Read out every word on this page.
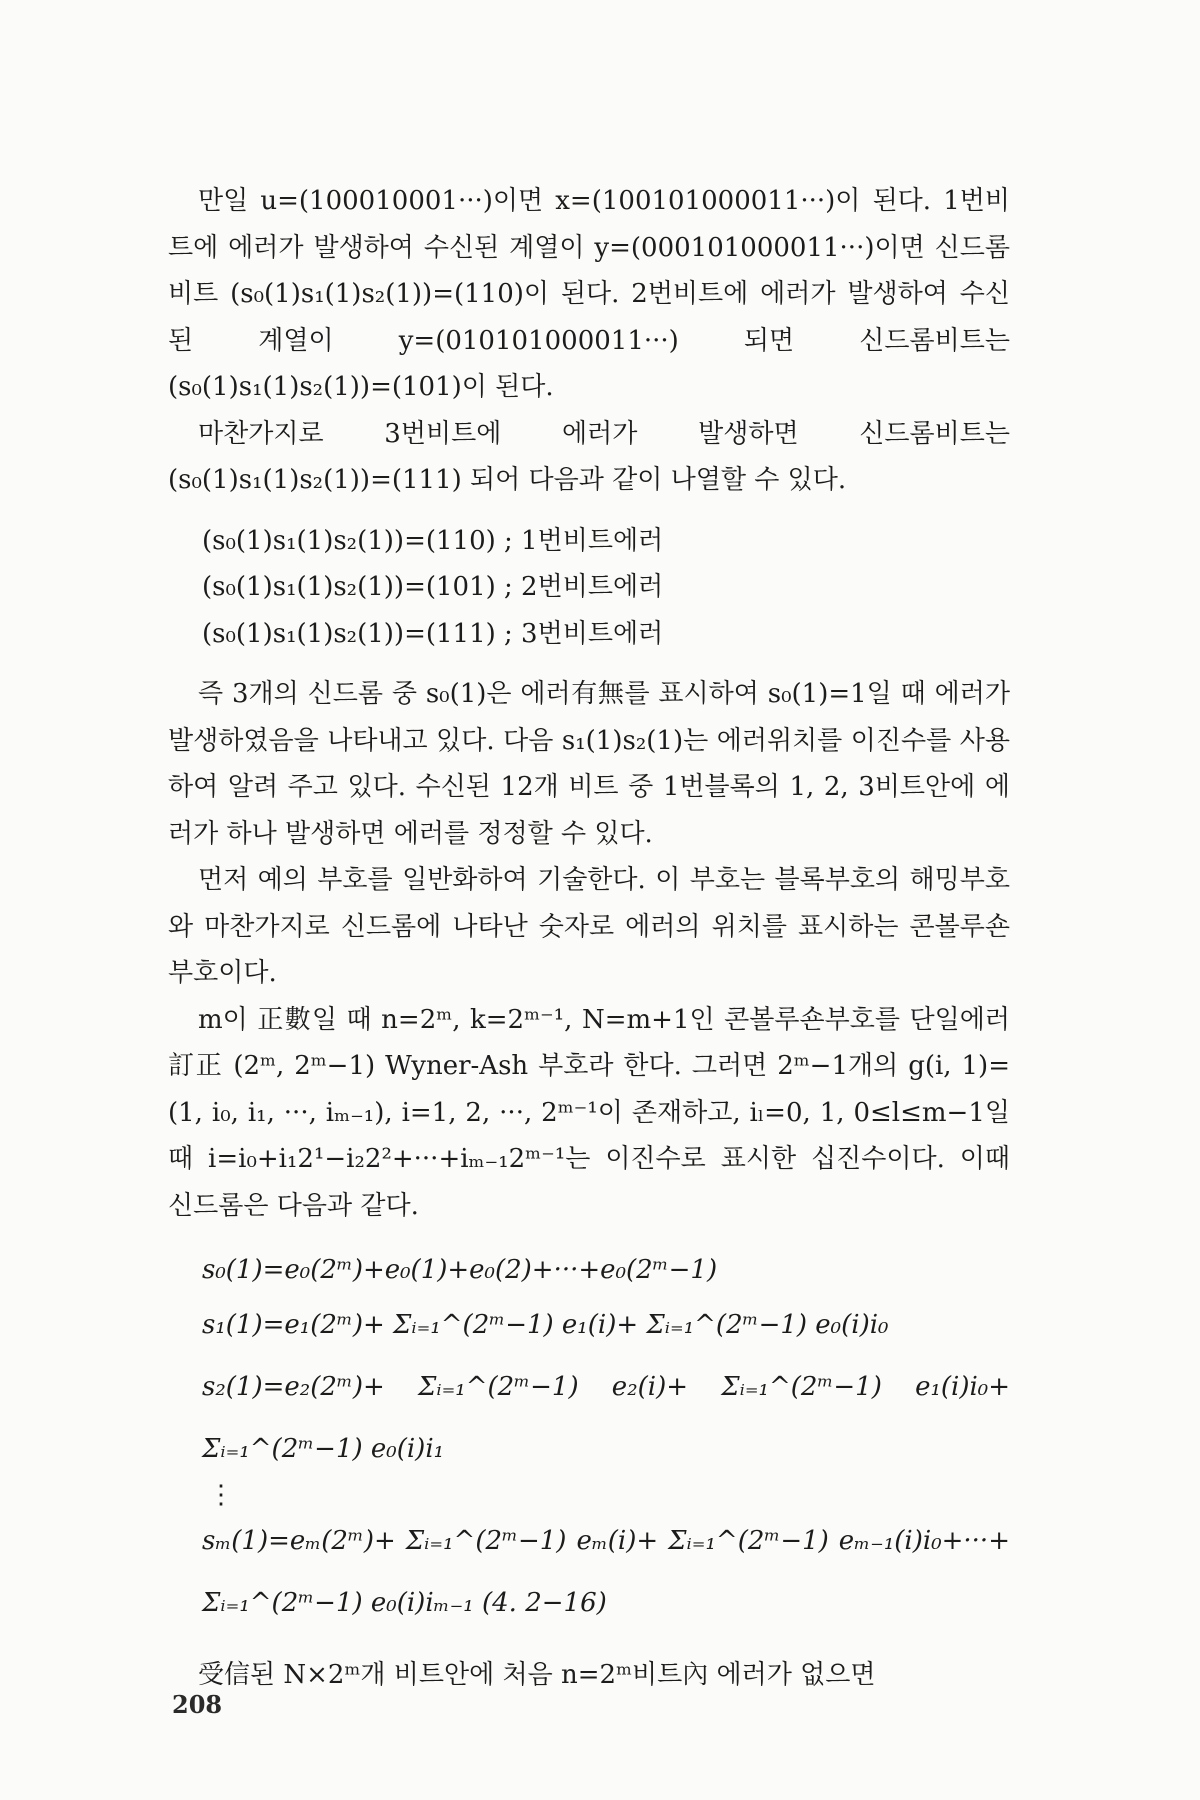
만일 u=(100010001···)이면 x=(100101000011···)이 된다. 1번비트에 에러가 발생하여 수신된 계열이 y=(000101000011···)이면 신드롬비트 (s₀(1)s₁(1)s₂(1))=(110)이 된다. 2번비트에 에러가 발생하여 수신된 계열이 y=(010101000011···) 되면 신드롬비트는 (s₀(1)s₁(1)s₂(1))=(101)이 된다.

마찬가지로 3번비트에 에러가 발생하면 신드롬비트는 (s₀(1)s₁(1)s₂(1))=(111) 되어 다음과 같이 나열할 수 있다.

(s₀(1)s₁(1)s₂(1))=(110) ; 1번비트에러

(s₀(1)s₁(1)s₂(1))=(101) ; 2번비트에러

(s₀(1)s₁(1)s₂(1))=(111) ; 3번비트에러

즉 3개의 신드롬 중 s₀(1)은 에러有無를 표시하여 s₀(1)=1일 때 에러가 발생하였음을 나타내고 있다. 다음 s₁(1)s₂(1)는 에러위치를 이진수를 사용하여 알려 주고 있다. 수신된 12개 비트 중 1번블록의 1, 2, 3비트안에 에러가 하나 발생하면 에러를 정정할 수 있다.

먼저 예의 부호를 일반화하여 기술한다. 이 부호는 블록부호의 해밍부호와 마찬가지로 신드롬에 나타난 숫자로 에러의 위치를 표시하는 콘볼루숀부호이다.

m이 正數일 때 n=2ᵐ, k=2ᵐ⁻¹, N=m+1인 콘볼루숀부호를 단일에러訂正 (2ᵐ, 2ᵐ−1) Wyner-Ash 부호라 한다. 그러면 2ᵐ−1개의 g(i, 1)=(1, i₀, i₁, ···, iₘ₋₁), i=1, 2, ···, 2ᵐ⁻¹이 존재하고, iₗ=0, 1, 0≤l≤m−1일 때 i=i₀+i₁2¹−i₂2²+···+iₘ₋₁2ᵐ⁻¹는 이진수로 표시한 십진수이다. 이때 신드롬은 다음과 같다.

s₀(1)=e₀(2ᵐ)+e₀(1)+e₀(2)+···+e₀(2ᵐ−1)

s₁(1)=e₁(2ᵐ)+ Σᵢ₌₁^(2ᵐ−1) e₁(i)+ Σᵢ₌₁^(2ᵐ−1) e₀(i)i₀

s₂(1)=e₂(2ᵐ)+ Σᵢ₌₁^(2ᵐ−1) e₂(i)+ Σᵢ₌₁^(2ᵐ−1) e₁(i)i₀+ Σᵢ₌₁^(2ᵐ−1) e₀(i)i₁

⋮

sₘ(1)=eₘ(2ᵐ)+ Σᵢ₌₁^(2ᵐ−1) eₘ(i)+ Σᵢ₌₁^(2ᵐ−1) eₘ₋₁(i)i₀+···+ Σᵢ₌₁^(2ᵐ−1) e₀(i)iₘ₋₁ (4. 2−16)

受信된 N×2ᵐ개 비트안에 처음 n=2ᵐ비트內 에러가 없으면

208
